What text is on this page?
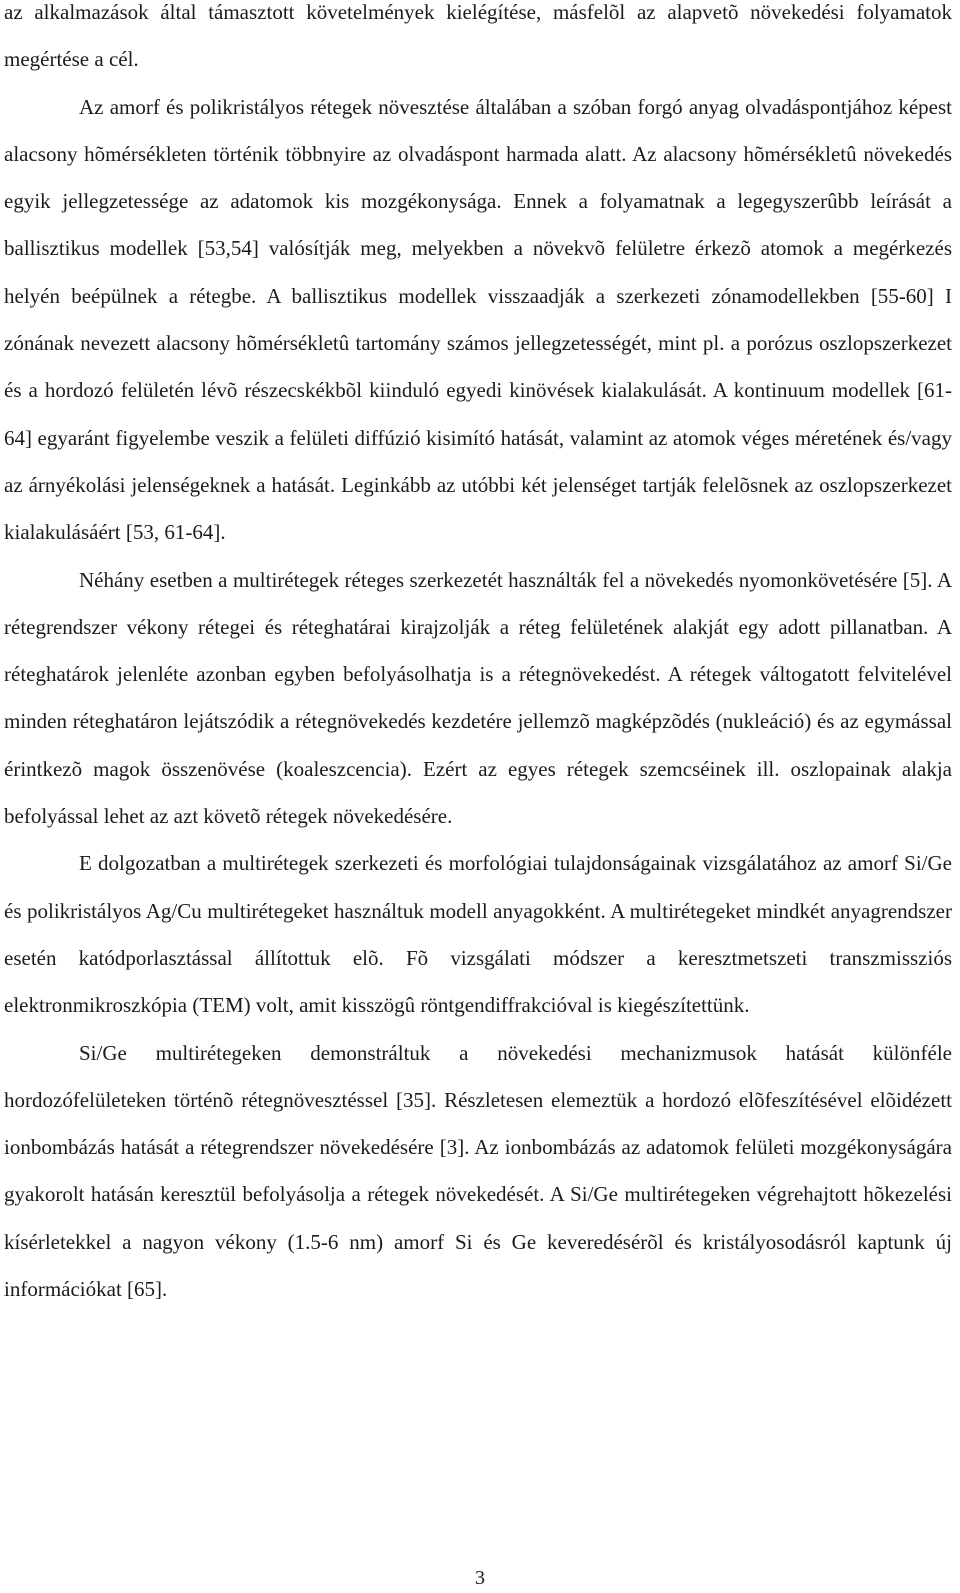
az alkalmazások által támasztott követelmények kielégítése, másfelõl az alapvetõ növekedési folyamatok megértése a cél.

Az amorf és polikristályos rétegek növesztése általában a szóban forgó anyag olvadáspontjához képest alacsony hõmérsékleten történik többnyire az olvadáspont harmada alatt. Az alacsony hõmérsékletû növekedés egyik jellegzetessége az adatomok kis mozgékonysága. Ennek a folyamatnak a legegyszerûbb leírását a ballisztikus modellek [53,54] valósítják meg, melyekben a növekvõ felületre érkezõ atomok a megérkezés helyén beépülnek a rétegbe. A ballisztikus modellek visszaadják a szerkezeti zónamodellekben [55-60] I zónának nevezett alacsony hõmérsékletû tartomány számos jellegzetességét, mint pl. a porózus oszlopszerkezet és a hordozó felületén lévõ részecskékbõl kiinduló egyedi kinövések kialakulását. A kontinuum modellek [61-64] egyaránt figyelembe veszik a felületi diffúzió kisimító hatását, valamint az atomok véges méretének és/vagy az árnyékolási jelenségeknek a hatását. Leginkább az utóbbi két jelenséget tartják felelõsnek az oszlopszerkezet kialakulásáért [53, 61-64].

Néhány esetben a multirétegek réteges szerkezetét használták fel a növekedés nyomonkövetésére [5]. A rétegrendszer vékony rétegei és réteghatárai kirajzolják a réteg felületének alakját egy adott pillanatban. A réteghatárok jelenléte azonban egyben befolyásolhatja is a rétegnövekedést. A rétegek váltogatott felvitelével minden réteghatáron lejátszódik a rétegnövekedés kezdetére jellemzõ magképzõdés (nukleáció) és az egymással érintkezõ magok összenövése (koaleszcencia). Ezért az egyes rétegek szemcséinek ill. oszlopainak alakja befolyással lehet az azt követõ rétegek növekedésére.

E dolgozatban a multirétegek szerkezeti és morfológiai tulajdonságainak vizsgálatához az amorf Si/Ge és polikristályos Ag/Cu multirétegeket használtuk modell anyagokként. A multirétegeket mindkét anyagrendszer esetén katódporlasztással állítottuk elõ. Fõ vizsgálati módszer a keresztmetszeti transzmissziós elektronmikroszkópia (TEM) volt, amit kisszögû röntgendiffrakcióval is kiegészítettünk.

Si/Ge multirétegeken demonstráltuk a növekedési mechanizmusok hatását különféle hordozófelületeken történõ rétegnövesztéssel [35]. Részletesen elemeztük a hordozó elõfeszítésével elõidézett ionbombázás hatását a rétegrendszer növekedésére [3]. Az ionbombázás az adatomok felületi mozgékonyságára gyakorolt hatásán keresztül befolyásolja a rétegek növekedését. A Si/Ge multirétegeken végrehajtott hõkezelési kísérletekkel a nagyon vékony (1.5-6 nm) amorf Si és Ge keveredésérõl és kristályosodásról kaptunk új információkat [65].

3
